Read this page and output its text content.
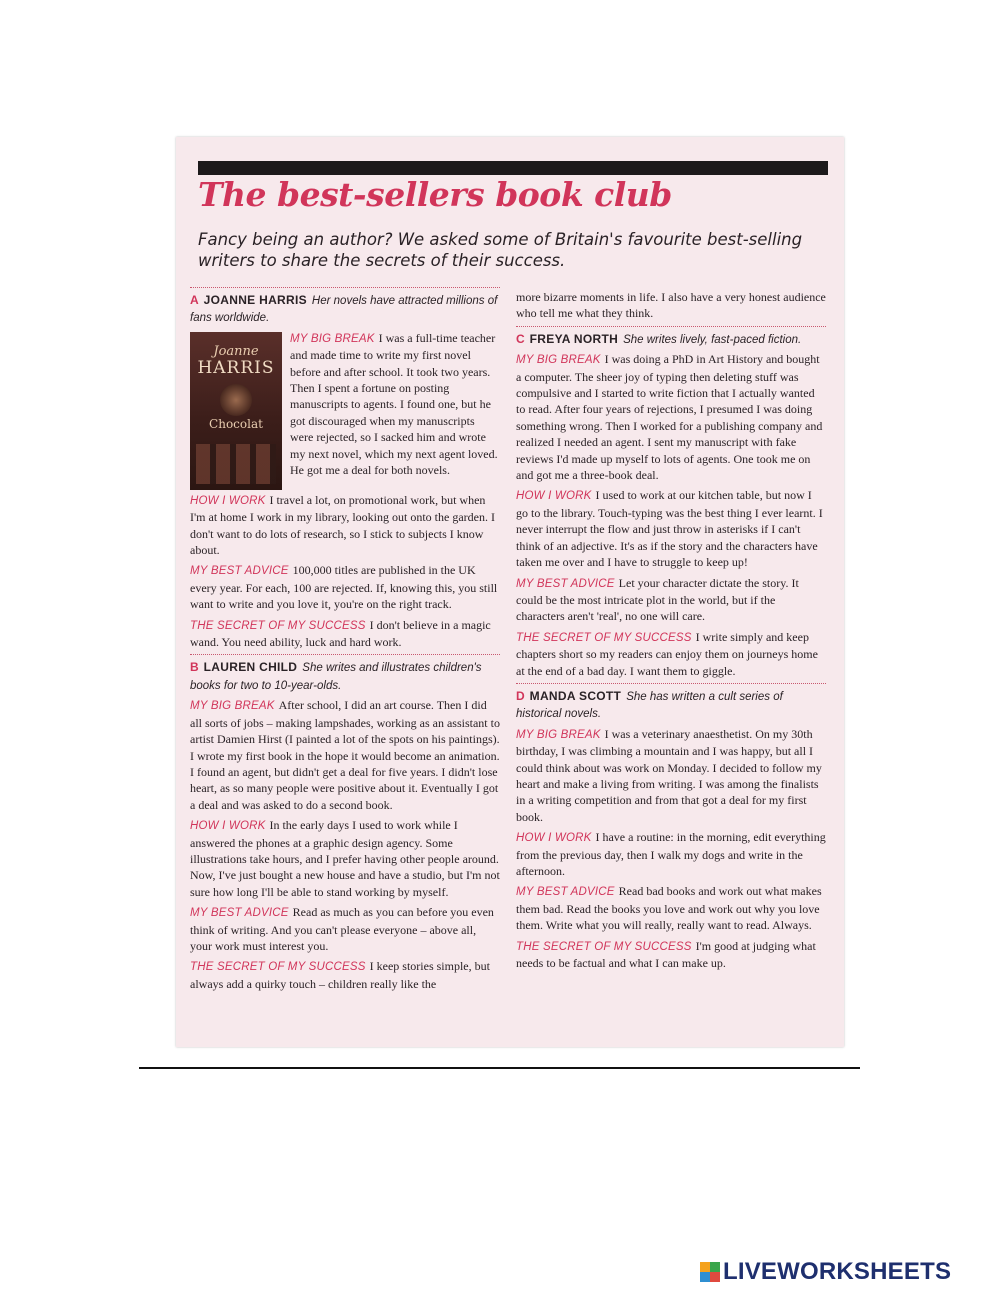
The best-sellers book club
Fancy being an author? We asked some of Britain's favourite best-selling writers to share the secrets of their success.
A JOANNE HARRIS Her novels have attracted millions of fans worldwide.
Joanne
HARRIS
Chocolat

MY BIG BREAK I was a full-time teacher and made time to write my first novel before and after school. It took two years. Then I spent a fortune on posting manuscripts to agents. I found one, but he got discouraged when my manuscripts were rejected, so I sacked him and wrote my next novel, which my next agent loved. He got me a deal for both novels.

HOW I WORK I travel a lot, on promotional work, but when I'm at home I work in my library, looking out onto the garden. I don't want to do lots of research, so I stick to subjects I know about.

MY BEST ADVICE 100,000 titles are published in the UK every year. For each, 100 are rejected. If, knowing this, you still want to write and you love it, you're on the right track.

THE SECRET OF MY SUCCESS I don't believe in a magic wand. You need ability, luck and hard work.

B LAUREN CHILD She writes and illustrates children's books for two to 10-year-olds.

MY BIG BREAK After school, I did an art course. Then I did all sorts of jobs – making lampshades, working as an assistant to artist Damien Hirst (I painted a lot of the spots on his paintings). I wrote my first book in the hope it would become an animation. I found an agent, but didn't get a deal for five years. I didn't lose heart, as so many people were positive about it. Eventually I got a deal and was asked to do a second book.

HOW I WORK In the early days I used to work while I answered the phones at a graphic design agency. Some illustrations take hours, and I prefer having other people around. Now, I've just bought a new house and have a studio, but I'm not sure how long I'll be able to stand working by myself.

MY BEST ADVICE Read as much as you can before you even think of writing. And you can't please everyone – above all, your work must interest you.

THE SECRET OF MY SUCCESS I keep stories simple, but always add a quirky touch – children really like the

more bizarre moments in life. I also have a very honest audience who tell me what they think.

C FREYA NORTH She writes lively, fast-paced fiction.

MY BIG BREAK I was doing a PhD in Art History and bought a computer. The sheer joy of typing then deleting stuff was compulsive and I started to write fiction that I actually wanted to read. After four years of rejections, I presumed I was doing something wrong. Then I worked for a publishing company and realized I needed an agent. I sent my manuscript with fake reviews I'd made up myself to lots of agents. One took me on and got me a three-book deal.

HOW I WORK I used to work at our kitchen table, but now I go to the library. Touch-typing was the best thing I ever learnt. I never interrupt the flow and just throw in asterisks if I can't think of an adjective. It's as if the story and the characters have taken me over and I have to struggle to keep up!

MY BEST ADVICE Let your character dictate the story. It could be the most intricate plot in the world, but if the characters aren't 'real', no one will care.

THE SECRET OF MY SUCCESS I write simply and keep chapters short so my readers can enjoy them on journeys home at the end of a bad day. I want them to giggle.

D MANDA SCOTT She has written a cult series of historical novels.

MY BIG BREAK I was a veterinary anaesthetist. On my 30th birthday, I was climbing a mountain and I was happy, but all I could think about was work on Monday. I decided to follow my heart and make a living from writing. I was among the finalists in a writing competition and from that got a deal for my first book.

HOW I WORK I have a routine: in the morning, edit everything from the previous day, then I walk my dogs and write in the afternoon.

MY BEST ADVICE Read bad books and work out what makes them bad. Read the books you love and work out why you love them. Write what you will really, really want to read. Always.

THE SECRET OF MY SUCCESS I'm good at judging what needs to be factual and what I can make up.

LIVEWORKSHEETS
